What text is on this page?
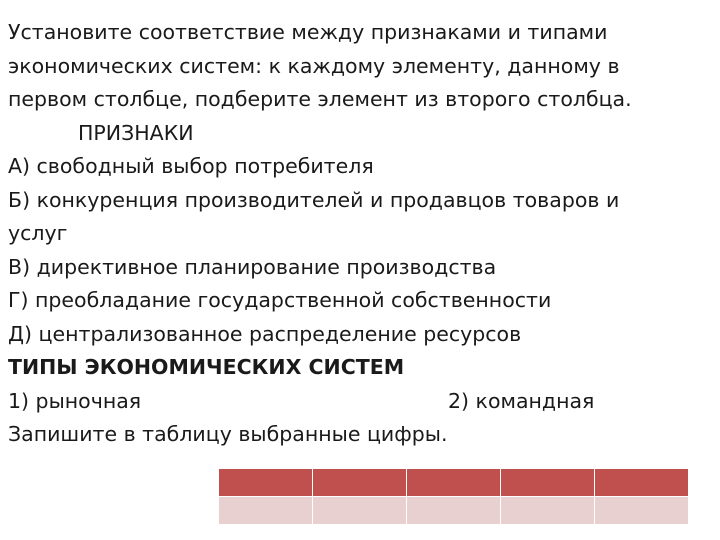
Установите соответствие между признаками и типами
экономических систем: к каждому элементу, данному в
первом столбце, подберите элемент из второго столбца.
ПРИЗНАКИ
А) свободный выбор потребителя
Б) конкуренция производителей и продавцов товаров и
услуг
В) директивное планирование производства
Г) преобладание государственной собственности
Д) централизованное распределение ресурсов
ТИПЫ ЭКОНОМИЧЕСКИХ СИСТЕМ
1) рыночная	2) командная
Запишите в таблицу выбранные цифры.
